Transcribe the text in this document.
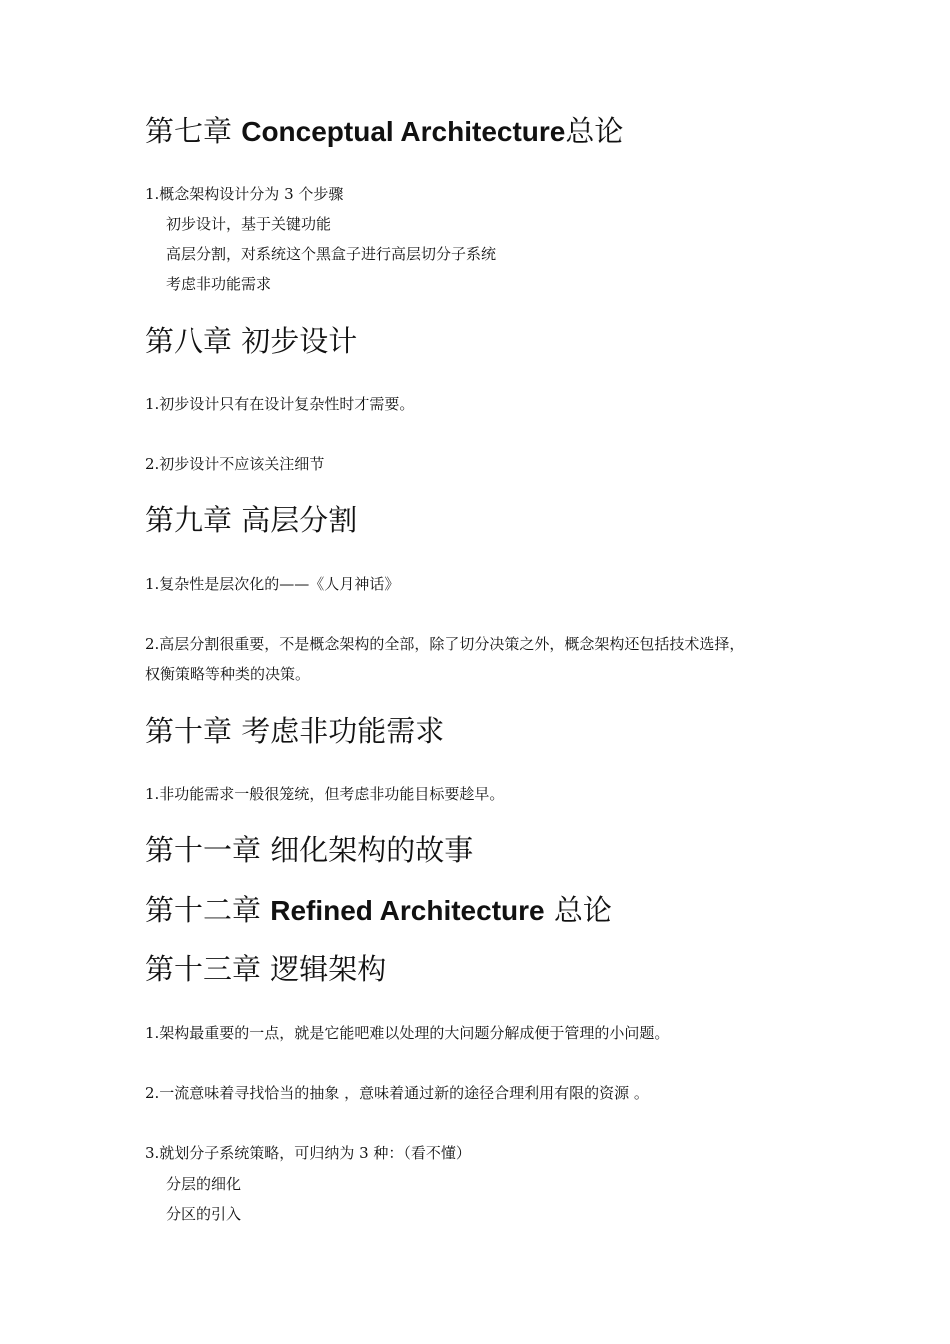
第七章 Conceptual Architecture总论
1.概念架构设计分为 3 个步骤
初步设计，基于关键功能
高层分割，对系统这个黑盒子进行高层切分子系统
考虑非功能需求
第八章 初步设计
1.初步设计只有在设计复杂性时才需要。
2.初步设计不应该关注细节
第九章 高层分割
1.复杂性是层次化的——《人月神话》
2.高层分割很重要，不是概念架构的全部，除了切分决策之外，概念架构还包括技术选择，
权衡策略等种类的决策。
第十章 考虑非功能需求
1.非功能需求一般很笼统，但考虑非功能目标要趁早。
第十一章 细化架构的故事
第十二章 Refined Architecture 总论
第十三章 逻辑架构
1.架构最重要的一点，就是它能吧难以处理的大问题分解成便于管理的小问题。
2.一流意味着寻找恰当的抽象 ，意味着通过新的途径合理利用有限的资源 。
3.就划分子系统策略，可归纳为 3 种：（看不懂）
分层的细化
分区的引入
